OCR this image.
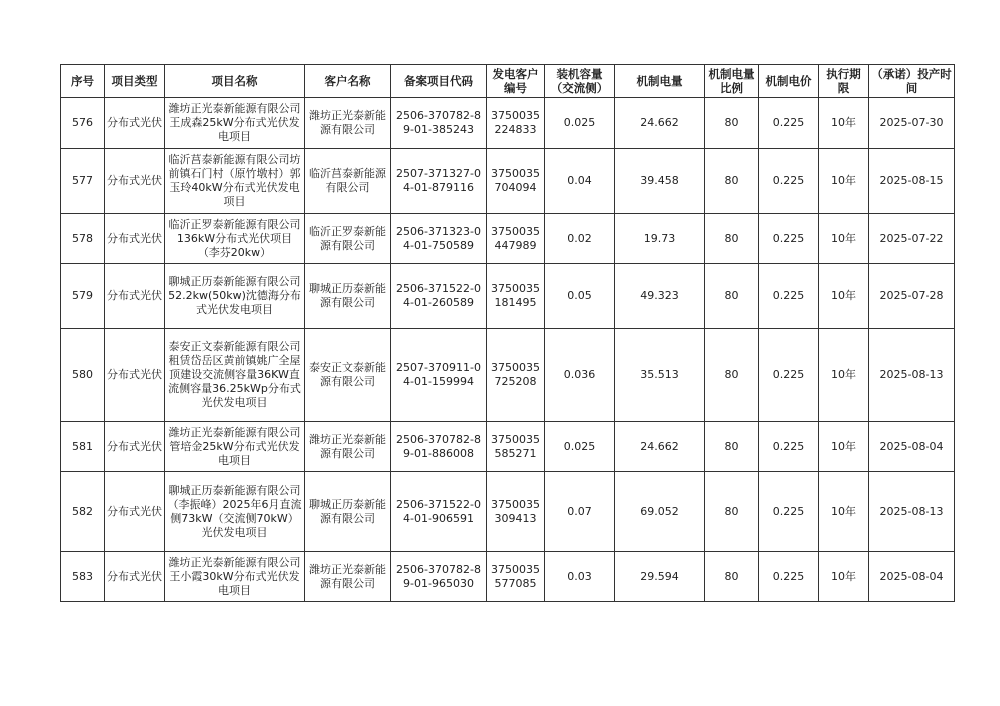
序号	项目类型	项目名称	客户名称	备案项目代码	发电客户编号	装机容量（交流侧）	机制电量	机制电量比例	机制电价	执行期限	（承诺）投产时间
576	分布式光伏	潍坊正光泰新能源有限公司王成森25kW分布式光伏发电项目	潍坊正光泰新能源有限公司	2506-370782-89-01-385243	3750035224833	0.025	24.662	80	0.225	10年	2025-07-30
577	分布式光伏	临沂莒泰新能源有限公司坊前镇石门村（原竹墩村）郭玉玲40kW分布式光伏发电项目	临沂莒泰新能源有限公司	2507-371327-04-01-879116	3750035704094	0.04	39.458	80	0.225	10年	2025-08-15
578	分布式光伏	临沂正罗泰新能源有限公司136kW分布式光伏项目（李芬20kw）	临沂正罗泰新能源有限公司	2506-371323-04-01-750589	3750035447989	0.02	19.73	80	0.225	10年	2025-07-22
579	分布式光伏	聊城正历泰新能源有限公司52.2kw(50kw)沈德海分布式光伏发电项目	聊城正历泰新能源有限公司	2506-371522-04-01-260589	3750035181495	0.05	49.323	80	0.225	10年	2025-07-28
580	分布式光伏	泰安正文泰新能源有限公司租赁岱岳区黄前镇姚广全屋顶建设交流侧容量36KW直流侧容量36.25kWp分布式光伏发电项目	泰安正文泰新能源有限公司	2507-370911-04-01-159994	3750035725208	0.036	35.513	80	0.225	10年	2025-08-13
581	分布式光伏	潍坊正光泰新能源有限公司管培金25kW分布式光伏发电项目	潍坊正光泰新能源有限公司	2506-370782-89-01-886008	3750035585271	0.025	24.662	80	0.225	10年	2025-08-04
582	分布式光伏	聊城正历泰新能源有限公司（李振峰）2025年6月直流侧73kW（交流侧70kW）光伏发电项目	聊城正历泰新能源有限公司	2506-371522-04-01-906591	3750035309413	0.07	69.052	80	0.225	10年	2025-08-13
583	分布式光伏	潍坊正光泰新能源有限公司王小霞30kW分布式光伏发电项目	潍坊正光泰新能源有限公司	2506-370782-89-01-965030	3750035577085	0.03	29.594	80	0.225	10年	2025-08-04
